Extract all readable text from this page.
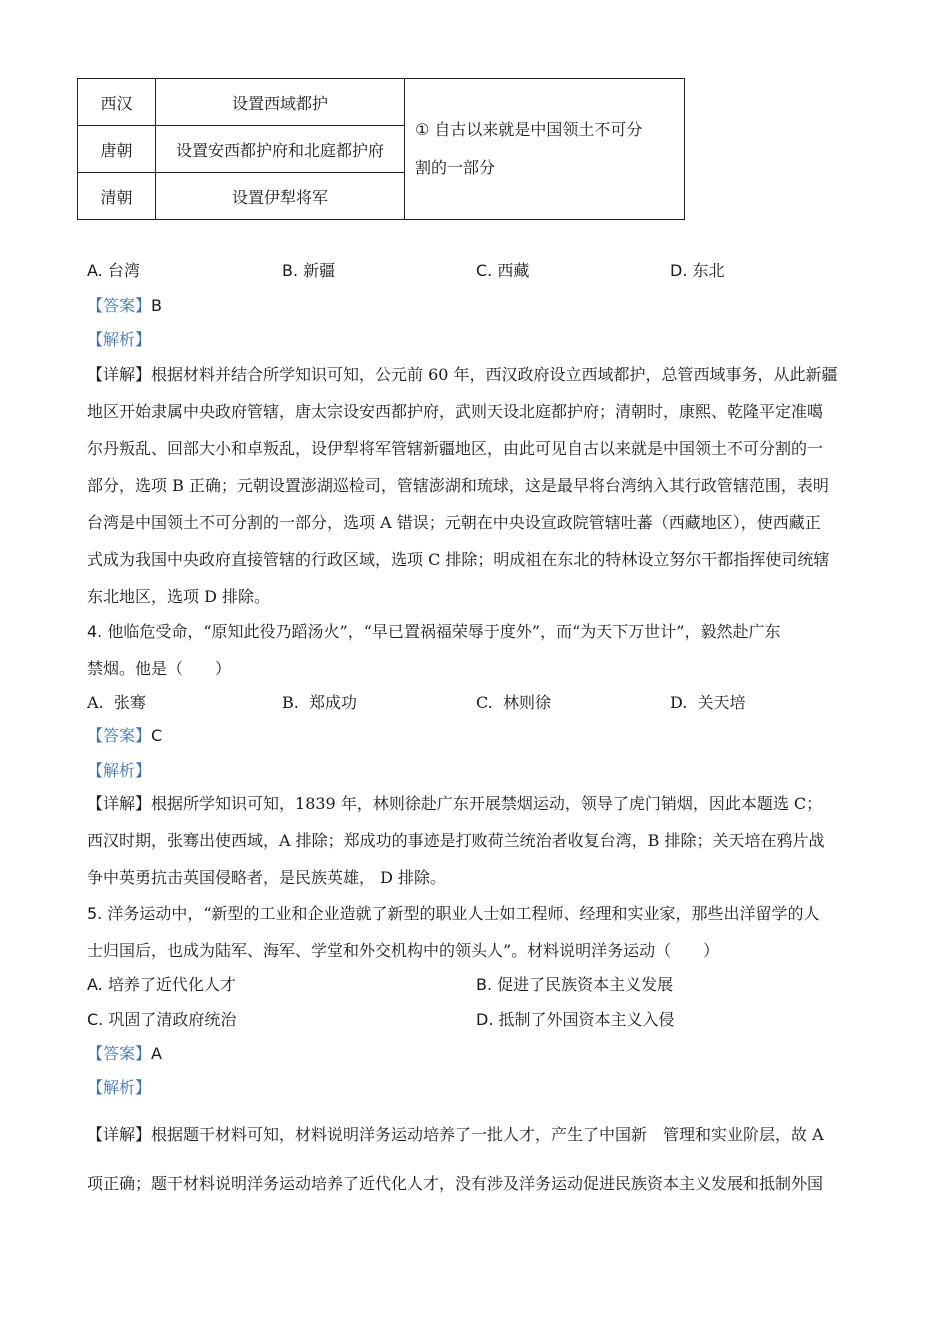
西汉	设置西域都护	① 自古以来就是中国领土不可分
割的一部分

唐朝	设置安西都护府和北庭都护府	
清朝	设置伊犁将军	
A. 台湾	B. 新疆	C. 西藏	D. 东北
【答案】B
【解析】
【详解】根据材料并结合所学知识可知，公元前 60 年，西汉政府设立西域都护，总管西域事务，从此新疆
地区开始隶属中央政府管辖，唐太宗设安西都护府，武则天设北庭都护府；清朝时，康熙、乾隆平定准噶
尔丹叛乱、回部大小和卓叛乱，设伊犁将军管辖新疆地区，由此可见自古以来就是中国领土不可分割的一
部分，选项 B 正确；元朝设置澎湖巡检司，管辖澎湖和琉球，这是最早将台湾纳入其行政管辖范围，表明
台湾是中国领土不可分割的一部分，选项 A 错误；元朝在中央设宣政院管辖吐蕃（西藏地区），使西藏正
式成为我国中央政府直接管辖的行政区域，选项 C 排除；明成祖在东北的特林设立努尔干都指挥使司统辖
东北地区，选项 D 排除。
4. 他临危受命，“原知此役乃蹈汤火”，“早已置祸福荣辱于度外”，而“为天下万世计”，毅然赴广东
禁烟。他是（　　）
A. 张骞	B. 郑成功	C. 林则徐	D. 关天培
【答案】C
【解析】
【详解】根据所学知识可知，1839 年，林则徐赴广东开展禁烟运动，领导了虎门销烟，因此本题选 C；
西汉时期，张骞出使西域，A 排除；郑成功的事迹是打败荷兰统治者收复台湾，B 排除；关天培在鸦片战
争中英勇抗击英国侵略者，是民族英雄， D 排除。
5. 洋务运动中，“新型的工业和企业造就了新型的职业人士如工程师、经理和实业家，那些出洋留学的人
士归国后，也成为陆军、海军、学堂和外交机构中的领头人”。材料说明洋务运动（　　）
A. 培养了近代化人才	B. 促进了民族资本主义发展
C. 巩固了清政府统治	D. 抵制了外国资本主义入侵
【答案】A
【解析】
【详解】根据题干材料可知，材料说明洋务运动培养了一批人才，产生了中国新　管理和实业阶层，故 A
项正确；题干材料说明洋务运动培养了近代化人才，没有涉及洋务运动促进民族资本主义发展和抵制外国
